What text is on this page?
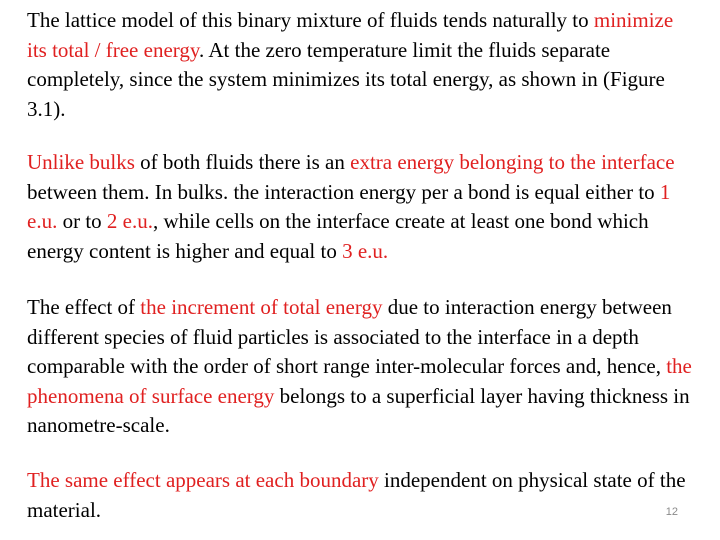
The lattice model of this binary mixture of fluids tends naturally to minimize its total / free energy. At the zero temperature limit the fluids separate completely, since the system minimizes its total energy, as shown in (Figure 3.1).

Unlike bulks of both fluids there is an extra energy belonging to the interface between them. In bulks. the interaction energy per a bond is equal either to 1 e.u. or to 2 e.u., while cells on the interface create at least one bond which energy content is higher and equal to 3 e.u.

The effect of the increment of total energy due to interaction energy between different species of fluid particles is associated to the interface in a depth comparable with the order of short range inter-molecular forces and, hence, the phenomena of surface energy belongs to a superficial layer having thickness in nanometre-scale.

The same effect appears at each boundary independent on physical state of the material.	12
